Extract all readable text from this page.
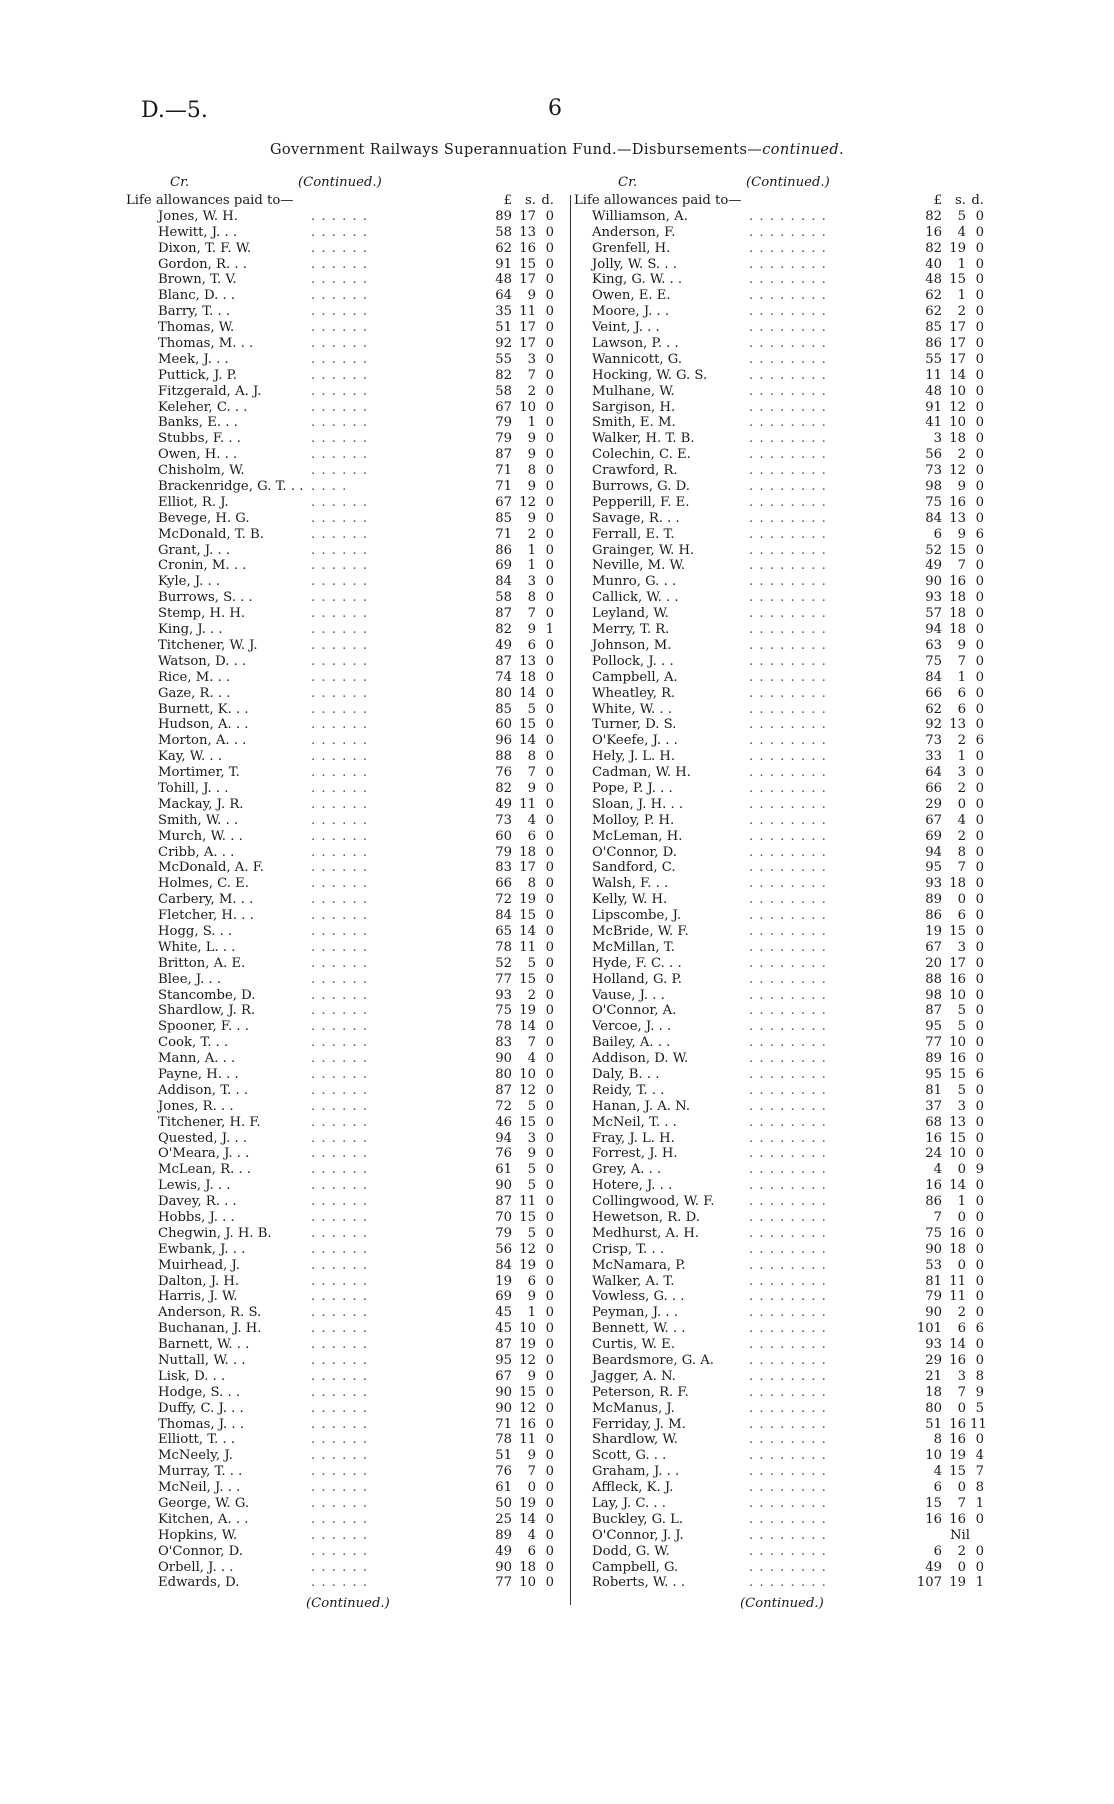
D.—5.	6
Government Railways Superannuation Fund.—Disbursements—continued.
Cr.	(Continued.)
Life allowances paid to—	£ s. d.
Jones, W. H.	. . . . . .	89 17 0
Hewitt, J. . .	. . . . . .	58 13 0
Dixon, T. F. W.	. . . . . .	62 16 0
Gordon, R. . .	. . . . . .	91 15 0
Brown, T. V.	. . . . . .	48 17 0
Blanc, D. . .	. . . . . .	64	9 0
Barry, T. . .	. . . . . .	35 11 0
Thomas, W.	. . . . . .	51 17 0
Thomas, M. . .	. . . . . .	92 17 0
Meek, J. . .	. . . . . .	55	3 0
Puttick, J. P.	. . . . . .	82	7 0
Fitzgerald, A. J.	. . . . . .	58	2 0
Keleher, C. . .	. . . . . .	67 10 0
Banks, E. . .	. . . . . .	79	1 0
Stubbs, F. . .	. . . . . .	79	9 0
Owen, H. . .	. . . . . .	87	9 0
Chisholm, W.	. . . . . .	71	8 0
Brackenridge, G. T. . . . . . .	71	9 0
Elliot, R. J.	. . . . . .	67 12 0
Bevege, H. G.	. . . . . .	85	9 0
McDonald, T. B.	. . . . . .	71	2 0
Grant, J. . .	. . . . . .	86	1 0
Cronin, M. . .	. . . . . .	69	1 0
Kyle, J. . .	. . . . . .	84	3 0
Burrows, S. . .	. . . . . .	58	8 0
Stemp, H. H.	. . . . . .	87	7 0
King, J. . .	. . . . . .	82	9 1
Titchener, W. J.	. . . . . .	49	6 0
Watson, D. . .	. . . . . .	87 13 0
Rice, M. . .	. . . . . .	74 18 0
Gaze, R. . .	. . . . . .	80 14 0
Burnett, K. . .	. . . . . .	85	5 0
Hudson, A. . .	. . . . . .	60 15 0
Morton, A. . .	. . . . . .	96 14 0
Kay, W. . .	. . . . . .	88	8 0
Mortimer, T.	. . . . . .	76	7 0
Tohill, J. . .	. . . . . .	82	9 0
Mackay, J. R.	. . . . . .	49 11 0
Smith, W. . .	. . . . . .	73	4 0
Murch, W. . .	. . . . . .	60	6 0
Cribb, A. . .	. . . . . .	79 18 0
McDonald, A. F.	. . . . . .	83 17 0
Holmes, C. E.	. . . . . .	66	8 0
Carbery, M. . .	. . . . . .	72 19 0
Fletcher, H. . .	. . . . . .	84 15 0
Hogg, S. . .	. . . . . .	65 14 0
White, L. . .	. . . . . .	78 11 0
Britton, A. E.	. . . . . .	52	5 0
Blee, J. . .	. . . . . .	77 15 0
Stancombe, D.	. . . . . .	93	2 0
Shardlow, J. R.	. . . . . .	75 19 0
Spooner, F. . .	. . . . . .	78 14 0
Cook, T. . .	. . . . . .	83	7 0
Mann, A. . .	. . . . . .	90	4 0
Payne, H. . .	. . . . . .	80 10 0
Addison, T. . .	. . . . . .	87 12 0
Jones, R. . .	. . . . . .	72	5 0
Titchener, H. F.	. . . . . .	46 15 0
Quested, J. . .	. . . . . .	94	3 0
O'Meara, J. . .	. . . . . .	76	9 0
McLean, R. . .	. . . . . .	61	5 0
Lewis, J. . .	. . . . . .	90	5 0
Davey, R. . .	. . . . . .	87 11 0
Hobbs, J. . .	. . . . . .	70 15 0
Chegwin, J. H. B.	. . . . . .	79	5 0
Ewbank, J. . .	. . . . . .	56 12 0
Muirhead, J.	. . . . . .	84 19 0
Dalton, J. H.	. . . . . .	19	6 0
Harris, J. W.	. . . . . .	69	9 0
Anderson, R. S.	. . . . . .	45	1 0
Buchanan, J. H.	. . . . . .	45 10 0
Barnett, W. . .	. . . . . .	87 19 0
Nuttall, W. . .	. . . . . .	95 12 0
Lisk, D. . .	. . . . . .	67	9 0
Hodge, S. . .	. . . . . .	90 15 0
Duffy, C. J. . .	. . . . . .	90 12 0
Thomas, J. . .	. . . . . .	71 16 0
Elliott, T. . .	. . . . . .	78 11 0
McNeely, J.	. . . . . .	51	9 0
Murray, T. . .	. . . . . .	76	7 0
McNeil, J. . .	. . . . . .	61	0 0
George, W. G.	. . . . . .	50 19 0
Kitchen, A. . .	. . . . . .	25 14 0
Hopkins, W.	. . . . . .	89	4 0
O'Connor, D.	. . . . . .	49	6 0
Orbell, J. . .	. . . . . .	90 18 0
Edwards, D.	. . . . . .	77 10 0
Cr.	(Continued.)
Life allowances paid to—	£ s. d.
Williamson, A.	. . . . . . . .	82	5 0
Anderson, F.	. . . . . . . .	16	4 0
Grenfell, H.	. . . . . . . .	82 19 0
Jolly, W. S. . .	. . . . . . . .	40	1 0
King, G. W. . .	. . . . . . . .	48 15 0
Owen, E. E.	. . . . . . . .	62	1 0
Moore, J. . .	. . . . . . . .	62	2 0
Veint, J. . .	. . . . . . . .	85 17 0
Lawson, P. . .	. . . . . . . .	86 17 0
Wannicott, G.	. . . . . . . .	55 17 0
Hocking, W. G. S.	. . . . . . . .	11 14 0
Mulhane, W.	. . . . . . . .	48 10 0
Sargison, H.	. . . . . . . .	91 12 0
Smith, E. M.	. . . . . . . .	41 10 0
Walker, H. T. B.	. . . . . . . .	3 18 0
Colechin, C. E.	. . . . . . . .	56	2 0
Crawford, R.	. . . . . . . .	73 12 0
Burrows, G. D.	. . . . . . . .	98	9 0
Pepperill, F. E.	. . . . . . . .	75 16 0
Savage, R. . .	. . . . . . . .	84 13 0
Ferrall, E. T.	. . . . . . . .	6	9 6
Grainger, W. H.	. . . . . . . .	52 15 0
Neville, M. W.	. . . . . . . .	49	7 0
Munro, G. . .	. . . . . . . .	90 16 0
Callick, W. . .	. . . . . . . .	93 18 0
Leyland, W.	. . . . . . . .	57 18 0
Merry, T. R.	. . . . . . . .	94 18 0
Johnson, M.	. . . . . . . .	63	9 0
Pollock, J. . .	. . . . . . . .	75	7 0
Campbell, A.	. . . . . . . .	84	1 0
Wheatley, R.	. . . . . . . .	66	6 0
White, W. . .	. . . . . . . .	62	6 0
Turner, D. S.	. . . . . . . .	92 13 0
O'Keefe, J. . .	. . . . . . . .	73	2 6
Hely, J. L. H.	. . . . . . . .	33	1 0
Cadman, W. H.	. . . . . . . .	64	3 0
Pope, P. J. . .	. . . . . . . .	66	2 0
Sloan, J. H. . .	. . . . . . . .	29	0 0
Molloy, P. H.	. . . . . . . .	67	4 0
McLeman, H.	. . . . . . . .	69	2 0
O'Connor, D.	. . . . . . . .	94	8 0
Sandford, C.	. . . . . . . .	95	7 0
Walsh, F. . .	. . . . . . . .	93 18 0
Kelly, W. H.	. . . . . . . .	89	0 0
Lipscombe, J.	. . . . . . . .	86	6 0
McBride, W. F.	. . . . . . . .	19 15 0
McMillan, T.	. . . . . . . .	67	3 0
Hyde, F. C. . .	. . . . . . . .	20 17 0
Holland, G. P.	. . . . . . . .	88 16 0
Vause, J. . .	. . . . . . . .	98 10 0
O'Connor, A.	. . . . . . . .	87	5 0
Vercoe, J. . .	. . . . . . . .	95	5 0
Bailey, A. . .	. . . . . . . .	77 10 0
Addison, D. W.	. . . . . . . .	89 16 0
Daly, B. . .	. . . . . . . .	95 15 6
Reidy, T. . .	. . . . . . . .	81	5 0
Hanan, J. A. N.	. . . . . . . .	37	3 0
McNeil, T. . .	. . . . . . . .	68 13 0
Fray, J. L. H.	. . . . . . . .	16 15 0
Forrest, J. H.	. . . . . . . .	24 10 0
Grey, A. . .	. . . . . . . .	4	0 9
Hotere, J. . .	. . . . . . . .	16 14 0
Collingwood, W. F.	. . . . . . . .	86	1 0
Hewetson, R. D.	. . . . . . . .	7	0 0
Medhurst, A. H.	. . . . . . . .	75 16 0
Crisp, T. . .	. . . . . . . .	90 18 0
McNamara, P.	. . . . . . . .	53	0 0
Walker, A. T.	. . . . . . . .	81 11 0
Vowless, G. . .	. . . . . . . .	79 11 0
Peyman, J. . .	. . . . . . . .	90	2 0
Bennett, W. . .	. . . . . . . .	101	6 6
Curtis, W. E.	. . . . . . . .	93 14 0
Beardsmore, G. A.	. . . . . . . .	29 16 0
Jagger, A. N.	. . . . . . . .	21	3 8
Peterson, R. F.	. . . . . . . .	18	7 9
McManus, J.	. . . . . . . .	80	0 5
Ferriday, J. M.	. . . . . . . .	51 16 11
Shardlow, W.	. . . . . . . .	8 16 0
Scott, G. . .	. . . . . . . .	10 19 4
Graham, J. . .	. . . . . . . .	4 15 7
Affleck, K. J.	. . . . . . . .	6	0 8
Lay, J. C. . .	. . . . . . . .	15	7 1
Buckley, G. L.	. . . . . . . .	16 16 0
O'Connor, J. J.	. . . . . . . .	Nil
Dodd, G. W.	. . . . . . . .	6	2 0
Campbell, G.	. . . . . . . .	49	0 0
Roberts, W. . .	. . . . . . . .	107 19 1
(Continued.)	(Continued.)
